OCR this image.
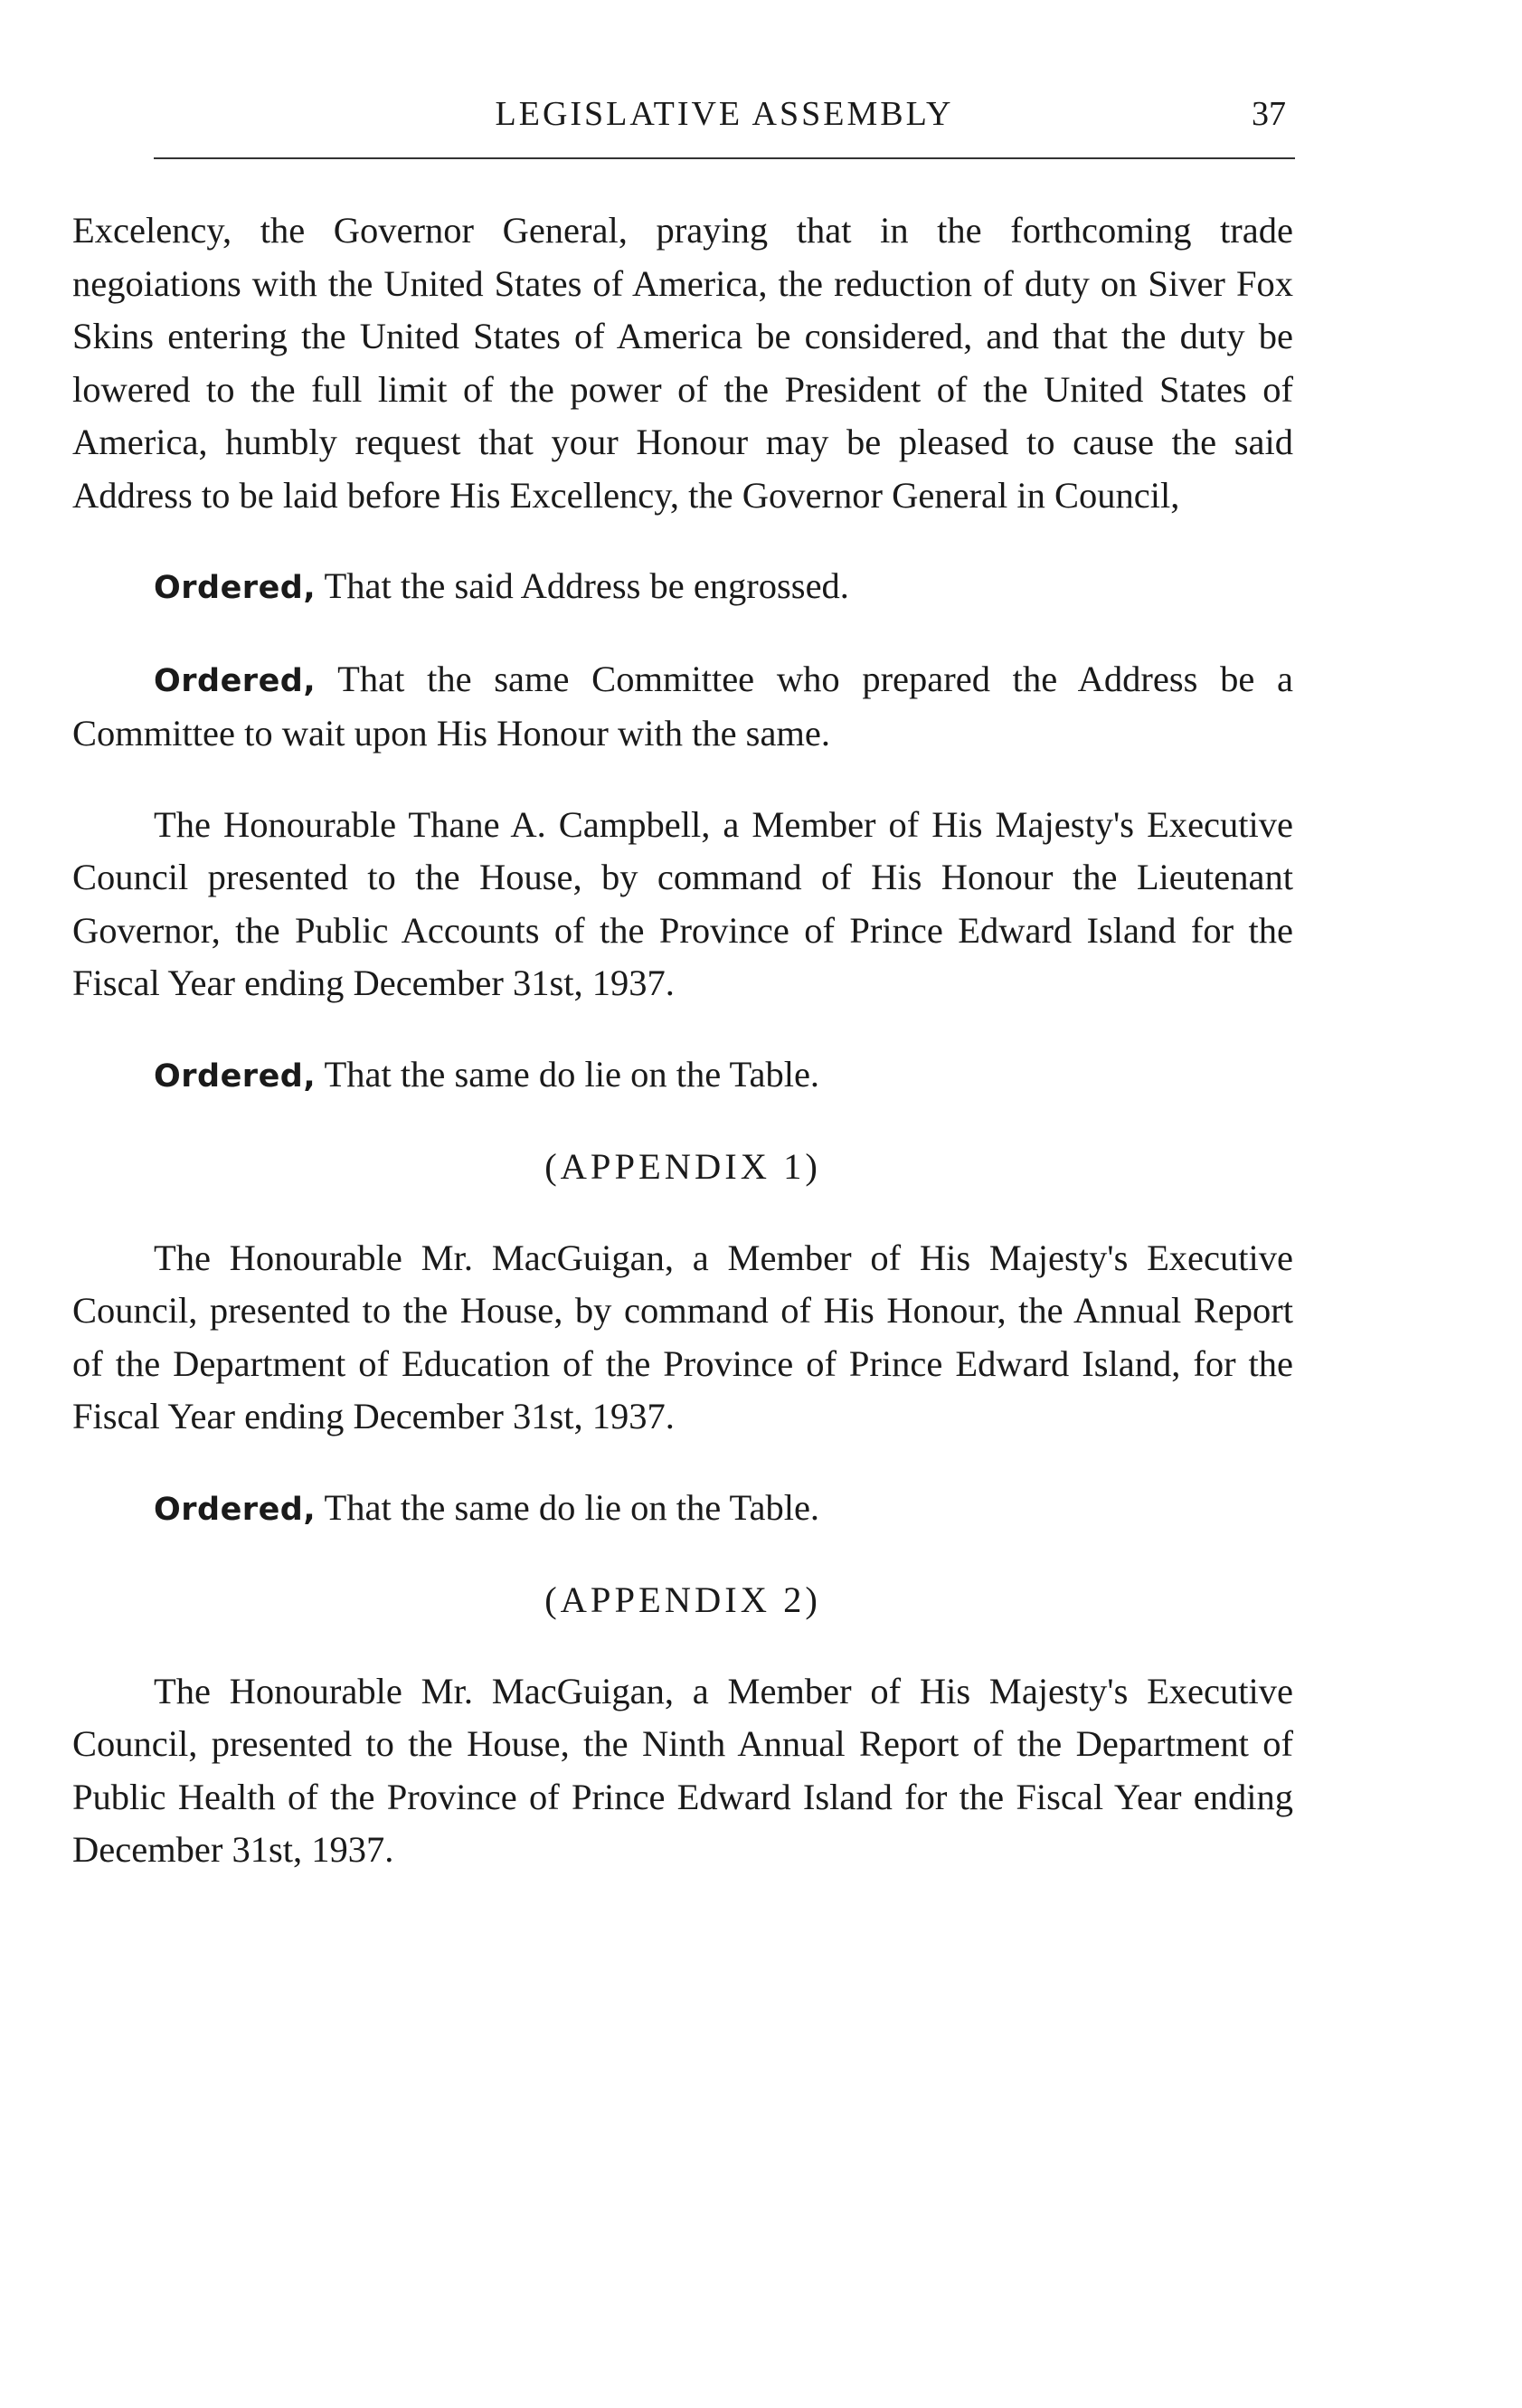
LEGISLATIVE ASSEMBLY	37

Excelency, the Governor General, praying that in the forthcoming trade negoiations with the United States of America, the reduction of duty on Siver Fox Skins entering the United States of America be considered, and that the duty be lowered to the full limit of the power of the President of the United States of America, humbly request that your Honour may be pleased to cause the said Address to be laid before His Excellency, the Governor General in Council,

Ordered, That the said Address be engrossed.

Ordered, That the same Committee who prepared the Address be a Committee to wait upon His Honour with the same.

The Honourable Thane A. Campbell, a Member of His Majesty's Executive Council presented to the House, by command of His Honour the Lieutenant Governor, the Public Accounts of the Province of Prince Edward Island for the Fiscal Year ending December 31st, 1937.

Ordered, That the same do lie on the Table.

(APPENDIX 1)

The Honourable Mr. MacGuigan, a Member of His Majesty's Executive Council, presented to the House, by command of His Honour, the Annual Report of the Department of Education of the Province of Prince Edward Island, for the Fiscal Year ending December 31st, 1937.

Ordered, That the same do lie on the Table.

(APPENDIX 2)

The Honourable Mr. MacGuigan, a Member of His Majesty's Executive Council, presented to the House, the Ninth Annual Report of the Department of Public Health of the Province of Prince Edward Island for the Fiscal Year ending December 31st, 1937.
